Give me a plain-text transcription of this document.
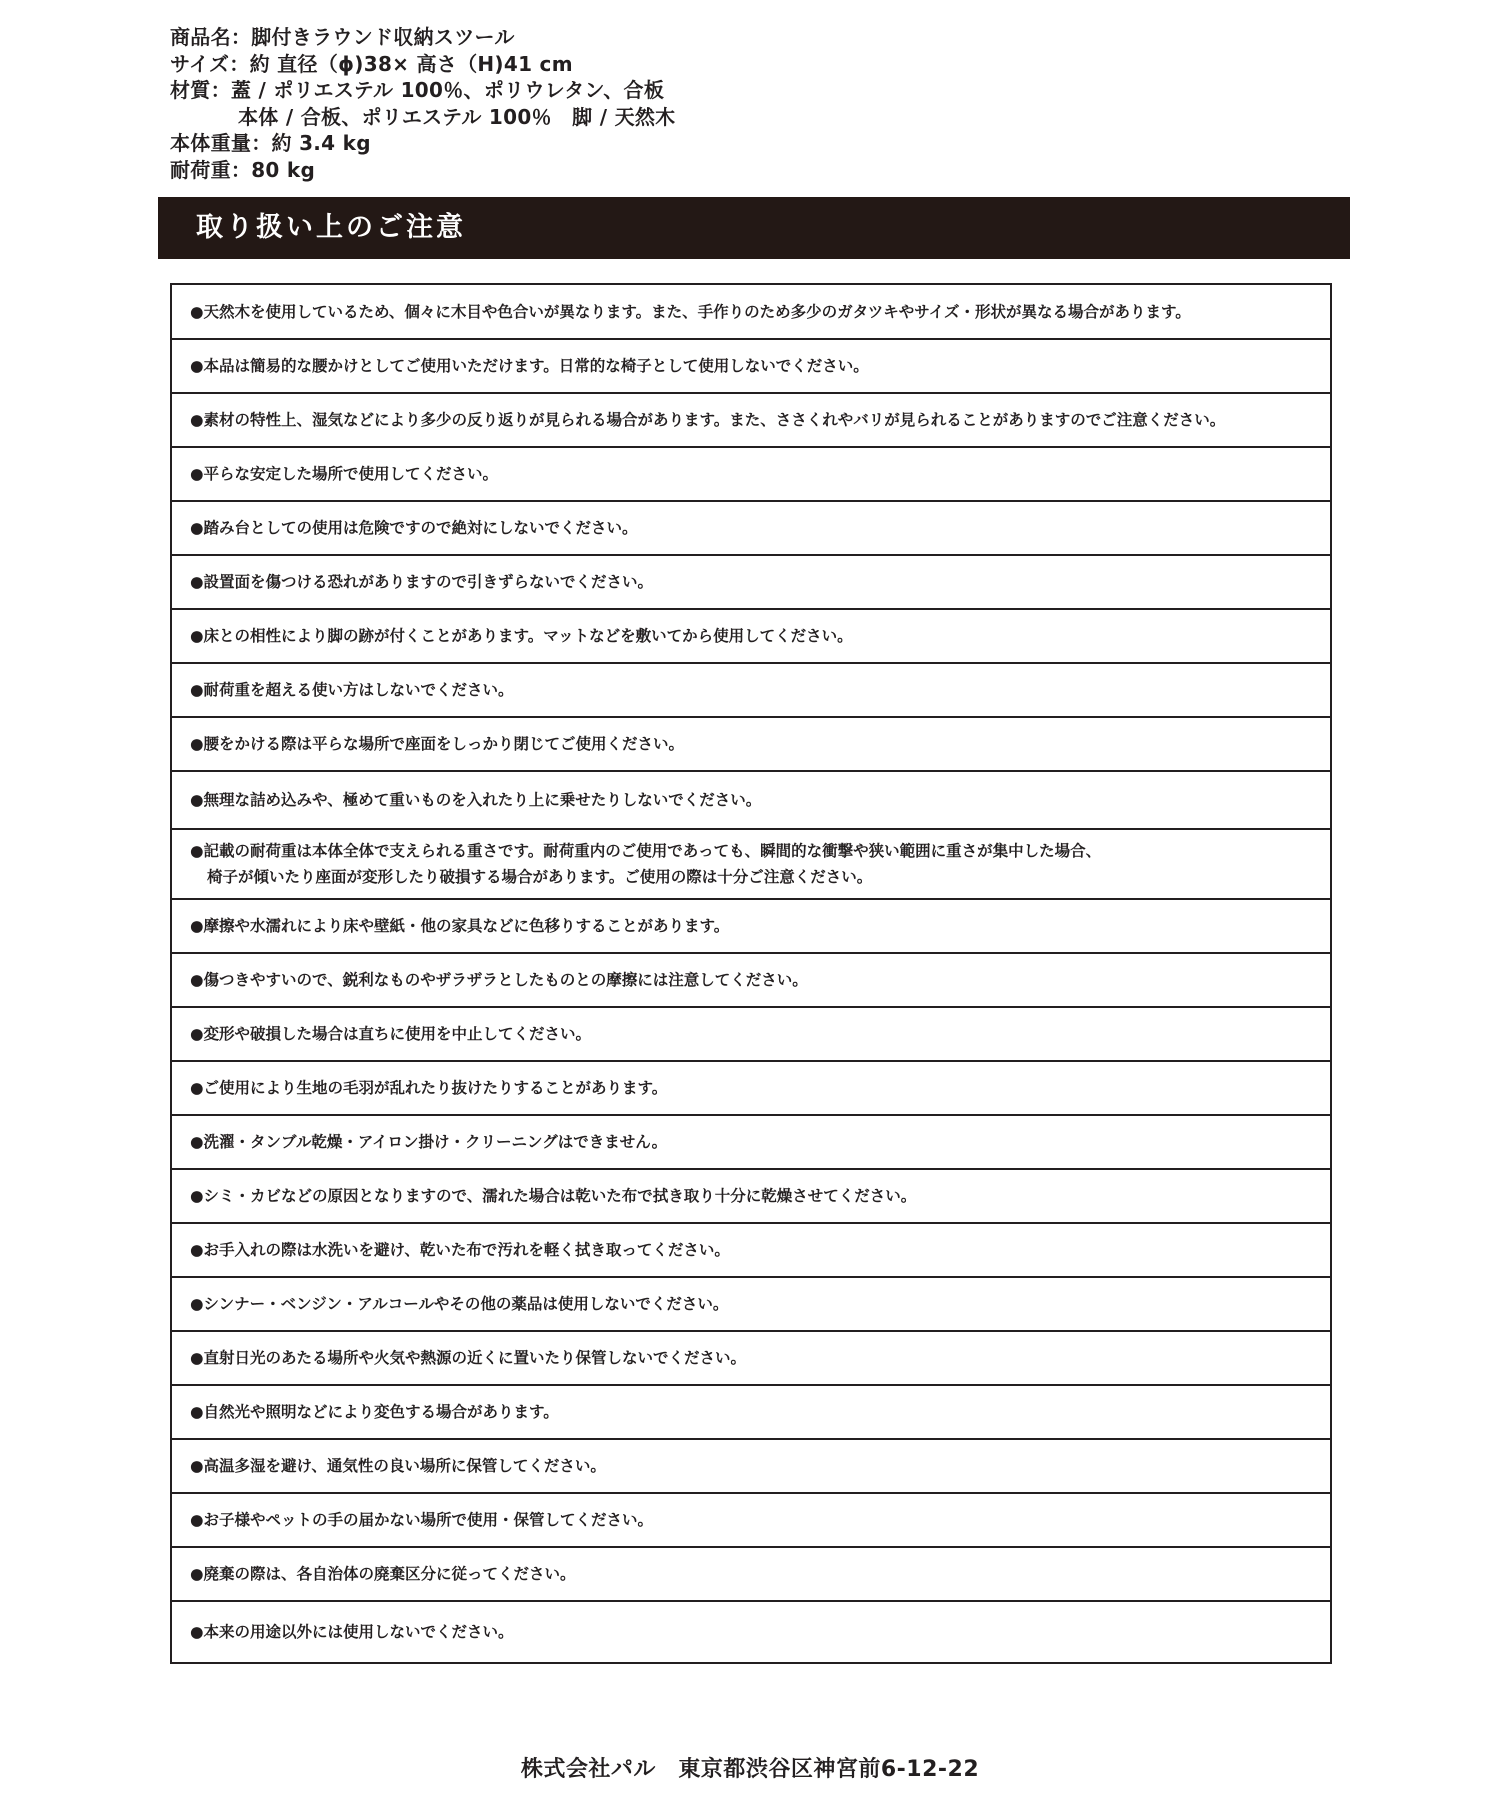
商品名：脚付きラウンド収納スツール
サイズ：約 直径（ϕ)38× 高さ（H)41 cm
材質：蓋 / ポリエステル 100％、ポリウレタン、合板
本体 / 合板、ポリエステル 100％　脚 / 天然木
本体重量：約 3.4 kg
耐荷重：80 kg
取り扱い上のご注意
●天然木を使用しているため、個々に木目や色合いが異なります。また、手作りのため多少のガタツキやサイズ・形状が異なる場合があります。
●本品は簡易的な腰かけとしてご使用いただけます。日常的な椅子として使用しないでください。
●素材の特性上、湿気などにより多少の反り返りが見られる場合があります。また、ささくれやバリが見られることがありますのでご注意ください。
●平らな安定した場所で使用してください。
●踏み台としての使用は危険ですので絶対にしないでください。
●設置面を傷つける恐れがありますので引きずらないでください。
●床との相性により脚の跡が付くことがあります。マットなどを敷いてから使用してください。
●耐荷重を超える使い方はしないでください。
●腰をかける際は平らな場所で座面をしっかり閉じてご使用ください。
●無理な詰め込みや、極めて重いものを入れたり上に乗せたりしないでください。
●記載の耐荷重は本体全体で支えられる重さです。耐荷重内のご使用であっても、瞬間的な衝撃や狭い範囲に重さが集中した場合、
椅子が傾いたり座面が変形したり破損する場合があります。ご使用の際は十分ご注意ください。
●摩擦や水濡れにより床や壁紙・他の家具などに色移りすることがあります。
●傷つきやすいので、鋭利なものやザラザラとしたものとの摩擦には注意してください。
●変形や破損した場合は直ちに使用を中止してください。
●ご使用により生地の毛羽が乱れたり抜けたりすることがあります。
●洗濯・タンブル乾燥・アイロン掛け・クリーニングはできません。
●シミ・カビなどの原因となりますので、濡れた場合は乾いた布で拭き取り十分に乾燥させてください。
●お手入れの際は水洗いを避け、乾いた布で汚れを軽く拭き取ってください。
●シンナー・ベンジン・アルコールやその他の薬品は使用しないでください。
●直射日光のあたる場所や火気や熱源の近くに置いたり保管しないでください。
●自然光や照明などにより変色する場合があります。
●高温多湿を避け、通気性の良い場所に保管してください。
●お子様やペットの手の届かない場所で使用・保管してください。
●廃棄の際は、各自治体の廃棄区分に従ってください。
●本来の用途以外には使用しないでください。
株式会社パル　東京都渋谷区神宮前6-12-22
